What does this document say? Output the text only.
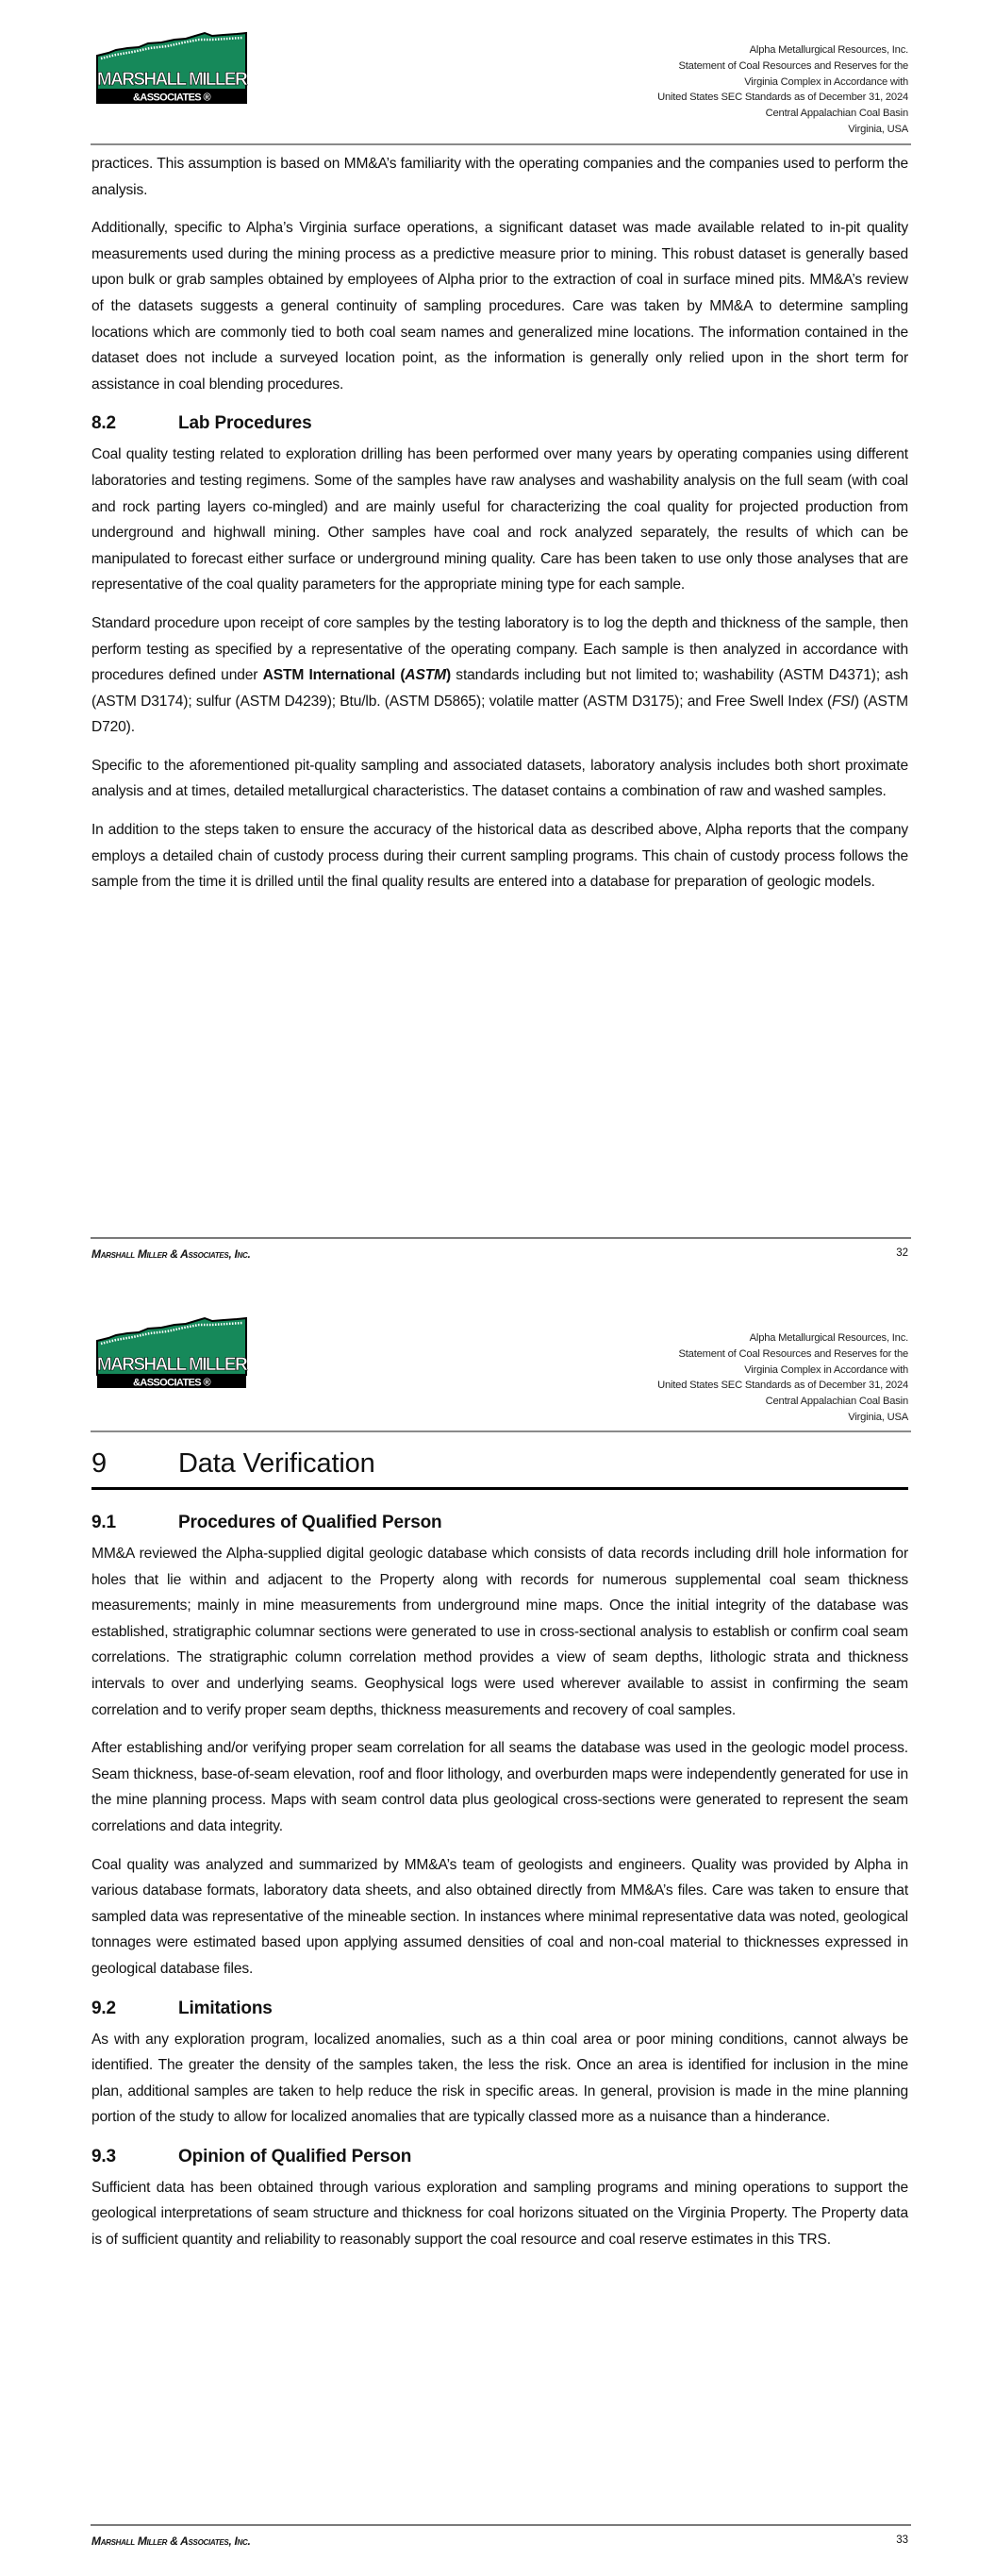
MARSHALL MILLER
&ASSOCIATES ®
Alpha Metallurgical Resources, Inc.
Statement of Coal Resources and Reserves for the
Virginia Complex in Accordance with
United States SEC Standards as of December 31, 2024
Central Appalachian Coal Basin
Virginia, USA

practices. This assumption is based on MM&A’s familiarity with the operating companies and the companies used to perform the analysis.

Additionally, specific to Alpha’s Virginia surface operations, a significant dataset was made available related to in-pit quality measurements used during the mining process as a predictive measure prior to mining. This robust dataset is generally based upon bulk or grab samples obtained by employees of Alpha prior to the extraction of coal in surface mined pits. MM&A’s review of the datasets suggests a general continuity of sampling procedures. Care was taken by MM&A to determine sampling locations which are commonly tied to both coal seam names and generalized mine locations. The information contained in the dataset does not include a surveyed location point, as the information is generally only relied upon in the short term for assistance in coal blending procedures.

8.2	Lab Procedures

Coal quality testing related to exploration drilling has been performed over many years by operating companies using different laboratories and testing regimens. Some of the samples have raw analyses and washability analysis on the full seam (with coal and rock parting layers co-mingled) and are mainly useful for characterizing the coal quality for projected production from underground and highwall mining. Other samples have coal and rock analyzed separately, the results of which can be manipulated to forecast either surface or underground mining quality. Care has been taken to use only those analyses that are representative of the coal quality parameters for the appropriate mining type for each sample.

Standard procedure upon receipt of core samples by the testing laboratory is to log the depth and thickness of the sample, then perform testing as specified by a representative of the operating company. Each sample is then analyzed in accordance with procedures defined under ASTM International (ASTM) standards including but not limited to; washability (ASTM D4371); ash (ASTM D3174); sulfur (ASTM D4239); Btu/lb. (ASTM D5865); volatile matter (ASTM D3175); and Free Swell Index (FSI) (ASTM D720).

Specific to the aforementioned pit-quality sampling and associated datasets, laboratory analysis includes both short proximate analysis and at times, detailed metallurgical characteristics. The dataset contains a combination of raw and washed samples.

In addition to the steps taken to ensure the accuracy of the historical data as described above, Alpha reports that the company employs a detailed chain of custody process during their current sampling programs. This chain of custody process follows the sample from the time it is drilled until the final quality results are entered into a database for preparation of geologic models.

Marshall Miller & Associates, Inc.	32
MARSHALL MILLER
&ASSOCIATES ®
Alpha Metallurgical Resources, Inc.
Statement of Coal Resources and Reserves for the
Virginia Complex in Accordance with
United States SEC Standards as of December 31, 2024
Central Appalachian Coal Basin
Virginia, USA
9	Data Verification
9.1	Procedures of Qualified Person

MM&A reviewed the Alpha-supplied digital geologic database which consists of data records including drill hole information for holes that lie within and adjacent to the Property along with records for numerous supplemental coal seam thickness measurements; mainly in mine measurements from underground mine maps. Once the initial integrity of the database was established, stratigraphic columnar sections were generated to use in cross-sectional analysis to establish or confirm coal seam correlations. The stratigraphic column correlation method provides a view of seam depths, lithologic strata and thickness intervals to over and underlying seams. Geophysical logs were used wherever available to assist in confirming the seam correlation and to verify proper seam depths, thickness measurements and recovery of coal samples.

After establishing and/or verifying proper seam correlation for all seams the database was used in the geologic model process. Seam thickness, base-of-seam elevation, roof and floor lithology, and overburden maps were independently generated for use in the mine planning process. Maps with seam control data plus geological cross-sections were generated to represent the seam correlations and data integrity.

Coal quality was analyzed and summarized by MM&A’s team of geologists and engineers. Quality was provided by Alpha in various database formats, laboratory data sheets, and also obtained directly from MM&A’s files. Care was taken to ensure that sampled data was representative of the mineable section. In instances where minimal representative data was noted, geological tonnages were estimated based upon applying assumed densities of coal and non-coal material to thicknesses expressed in geological database files.

9.2	Limitations

As with any exploration program, localized anomalies, such as a thin coal area or poor mining conditions, cannot always be identified. The greater the density of the samples taken, the less the risk. Once an area is identified for inclusion in the mine plan, additional samples are taken to help reduce the risk in specific areas. In general, provision is made in the mine planning portion of the study to allow for localized anomalies that are typically classed more as a nuisance than a hinderance.

9.3	Opinion of Qualified Person

Sufficient data has been obtained through various exploration and sampling programs and mining operations to support the geological interpretations of seam structure and thickness for coal horizons situated on the Virginia Property. The Property data is of sufficient quantity and reliability to reasonably support the coal resource and coal reserve estimates in this TRS.

Marshall Miller & Associates, Inc.	33
